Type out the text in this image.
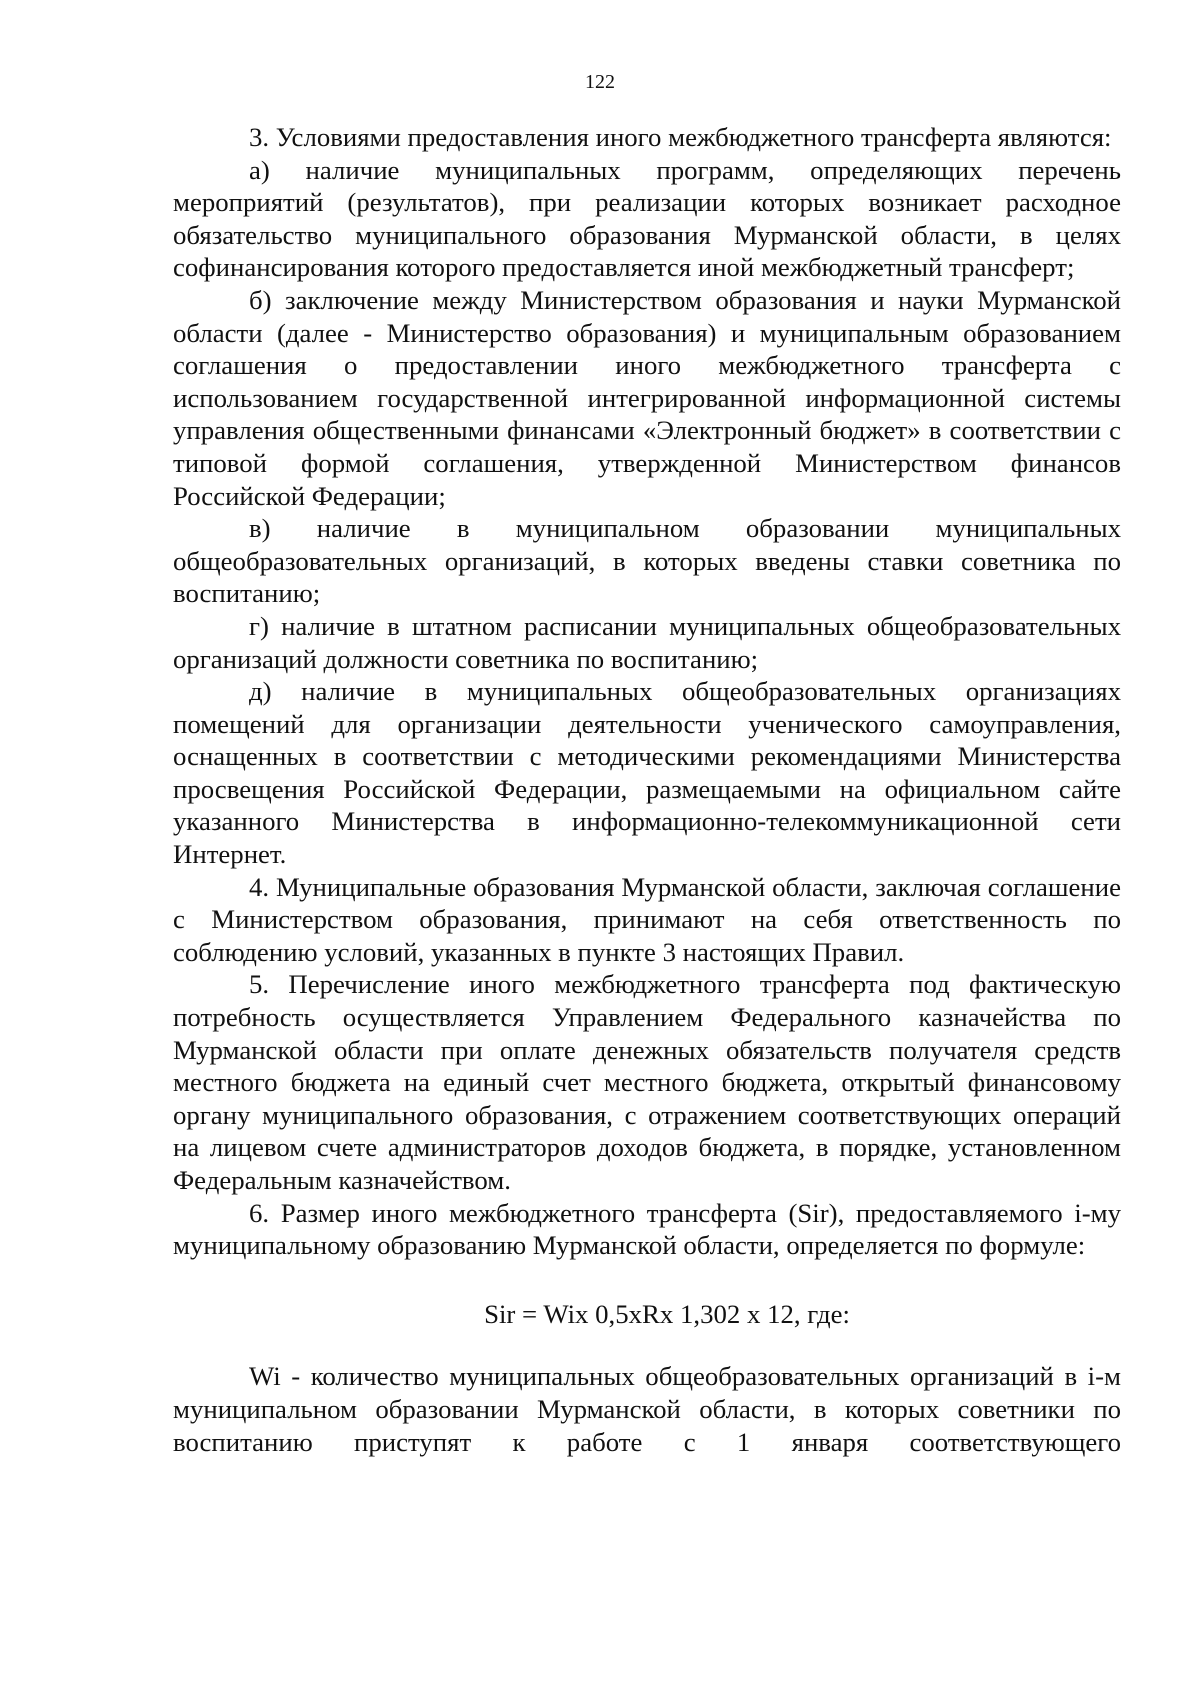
122

3. Условиями предоставления иного межбюджетного трансферта являются:

а) наличие муниципальных программ, определяющих перечень мероприятий (результатов), при реализации которых возникает расходное обязательство муниципального образования Мурманской области, в целях софинансирования которого предоставляется иной межбюджетный трансферт;

б) заключение между Министерством образования и науки Мурманской области (далее - Министерство образования) и муниципальным образованием соглашения о предоставлении иного межбюджетного трансферта с использованием государственной интегрированной информационной системы управления общественными финансами «Электронный бюджет» в соответствии с типовой формой соглашения, утвержденной Министерством финансов Российской Федерации;

в) наличие в муниципальном образовании муниципальных общеобразовательных организаций, в которых введены ставки советника по воспитанию;

г) наличие в штатном расписании муниципальных общеобразовательных организаций должности советника по воспитанию;

д) наличие в муниципальных общеобразовательных организациях помещений для организации деятельности ученического самоуправления, оснащенных в соответствии с методическими рекомендациями Министерства просвещения Российской Федерации, размещаемыми на официальном сайте указанного Министерства в информационно-телекоммуникационной сети Интернет.

4. Муниципальные образования Мурманской области, заключая соглашение с Министерством образования, принимают на себя ответственность по соблюдению условий, указанных в пункте 3 настоящих Правил.

5. Перечисление иного межбюджетного трансферта под фактическую потребность осуществляется Управлением Федерального казначейства по Мурманской области при оплате денежных обязательств получателя средств местного бюджета на единый счет местного бюджета, открытый финансовому органу муниципального образования, с отражением соответствующих операций на лицевом счете администраторов доходов бюджета, в порядке, установленном Федеральным казначейством.

6. Размер иного межбюджетного трансферта (Sir), предоставляемого i-му муниципальному образованию Мурманской области, определяется по формуле:

Sir = Wix 0,5xRx 1,302 x 12, где:

Wi - количество муниципальных общеобразовательных организаций в i-м муниципальном образовании Мурманской области, в которых советники по воспитанию приступят к работе с 1 января соответствующего
